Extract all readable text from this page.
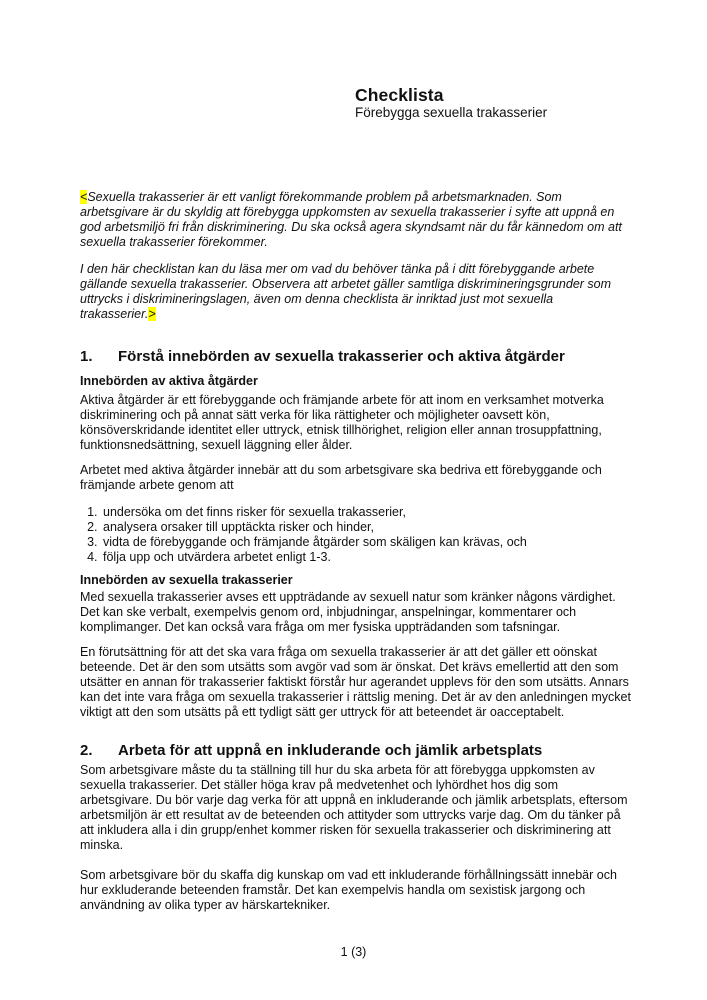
Checklista
Förebygga sexuella trakasserier

<Sexuella trakasserier är ett vanligt förekommande problem på arbetsmarknaden. Som arbetsgivare är du skyldig att förebygga uppkomsten av sexuella trakasserier i syfte att uppnå en god arbetsmiljö fri från diskriminering. Du ska också agera skyndsamt när du får kännedom om att sexuella trakasserier förekommer.

I den här checklistan kan du läsa mer om vad du behöver tänka på i ditt förebyggande arbete gällande sexuella trakasserier. Observera att arbetet gäller samtliga diskrimineringsgrunder som uttrycks i diskrimineringslagen, även om denna checklista är inriktad just mot sexuella trakasserier.>

1.	Förstå innebörden av sexuella trakasserier och aktiva åtgärder
Innebörden av aktiva åtgärder

Aktiva åtgärder är ett förebyggande och främjande arbete för att inom en verksamhet motverka diskriminering och på annat sätt verka för lika rättigheter och möjligheter oavsett kön, könsöverskridande identitet eller uttryck, etnisk tillhörighet, religion eller annan trosuppfattning, funktionsnedsättning, sexuell läggning eller ålder.

Arbetet med aktiva åtgärder innebär att du som arbetsgivare ska bedriva ett förebyggande och främjande arbete genom att

1. undersöka om det finns risker för sexuella trakasserier,
2. analysera orsaker till upptäckta risker och hinder,
3. vidta de förebyggande och främjande åtgärder som skäligen kan krävas, och
4. följa upp och utvärdera arbetet enligt 1-3.
Innebörden av sexuella trakasserier

Med sexuella trakasserier avses ett uppträdande av sexuell natur som kränker någons värdighet. Det kan ske verbalt, exempelvis genom ord, inbjudningar, anspelningar, kommentarer och komplimanger. Det kan också vara fråga om mer fysiska uppträdanden som tafsningar.

En förutsättning för att det ska vara fråga om sexuella trakasserier är att det gäller ett oönskat beteende. Det är den som utsätts som avgör vad som är önskat. Det krävs emellertid att den som utsätter en annan för trakasserier faktiskt förstår hur agerandet upplevs för den som utsätts. Annars kan det inte vara fråga om sexuella trakasserier i rättslig mening. Det är av den anledningen mycket viktigt att den som utsätts på ett tydligt sätt ger uttryck för att beteendet är oacceptabelt.

2.	Arbeta för att uppnå en inkluderande och jämlik arbetsplats

Som arbetsgivare måste du ta ställning till hur du ska arbeta för att förebygga uppkomsten av sexuella trakasserier. Det ställer höga krav på medvetenhet och lyhördhet hos dig som arbetsgivare. Du bör varje dag verka för att uppnå en inkluderande och jämlik arbetsplats, eftersom arbetsmiljön är ett resultat av de beteenden och attityder som uttrycks varje dag. Om du tänker på att inkludera alla i din grupp/enhet kommer risken för sexuella trakasserier och diskriminering att minska.

Som arbetsgivare bör du skaffa dig kunskap om vad ett inkluderande förhållningssätt innebär och hur exkluderande beteenden framstår. Det kan exempelvis handla om sexistisk jargong och användning av olika typer av härskartekniker.

1 (3)
